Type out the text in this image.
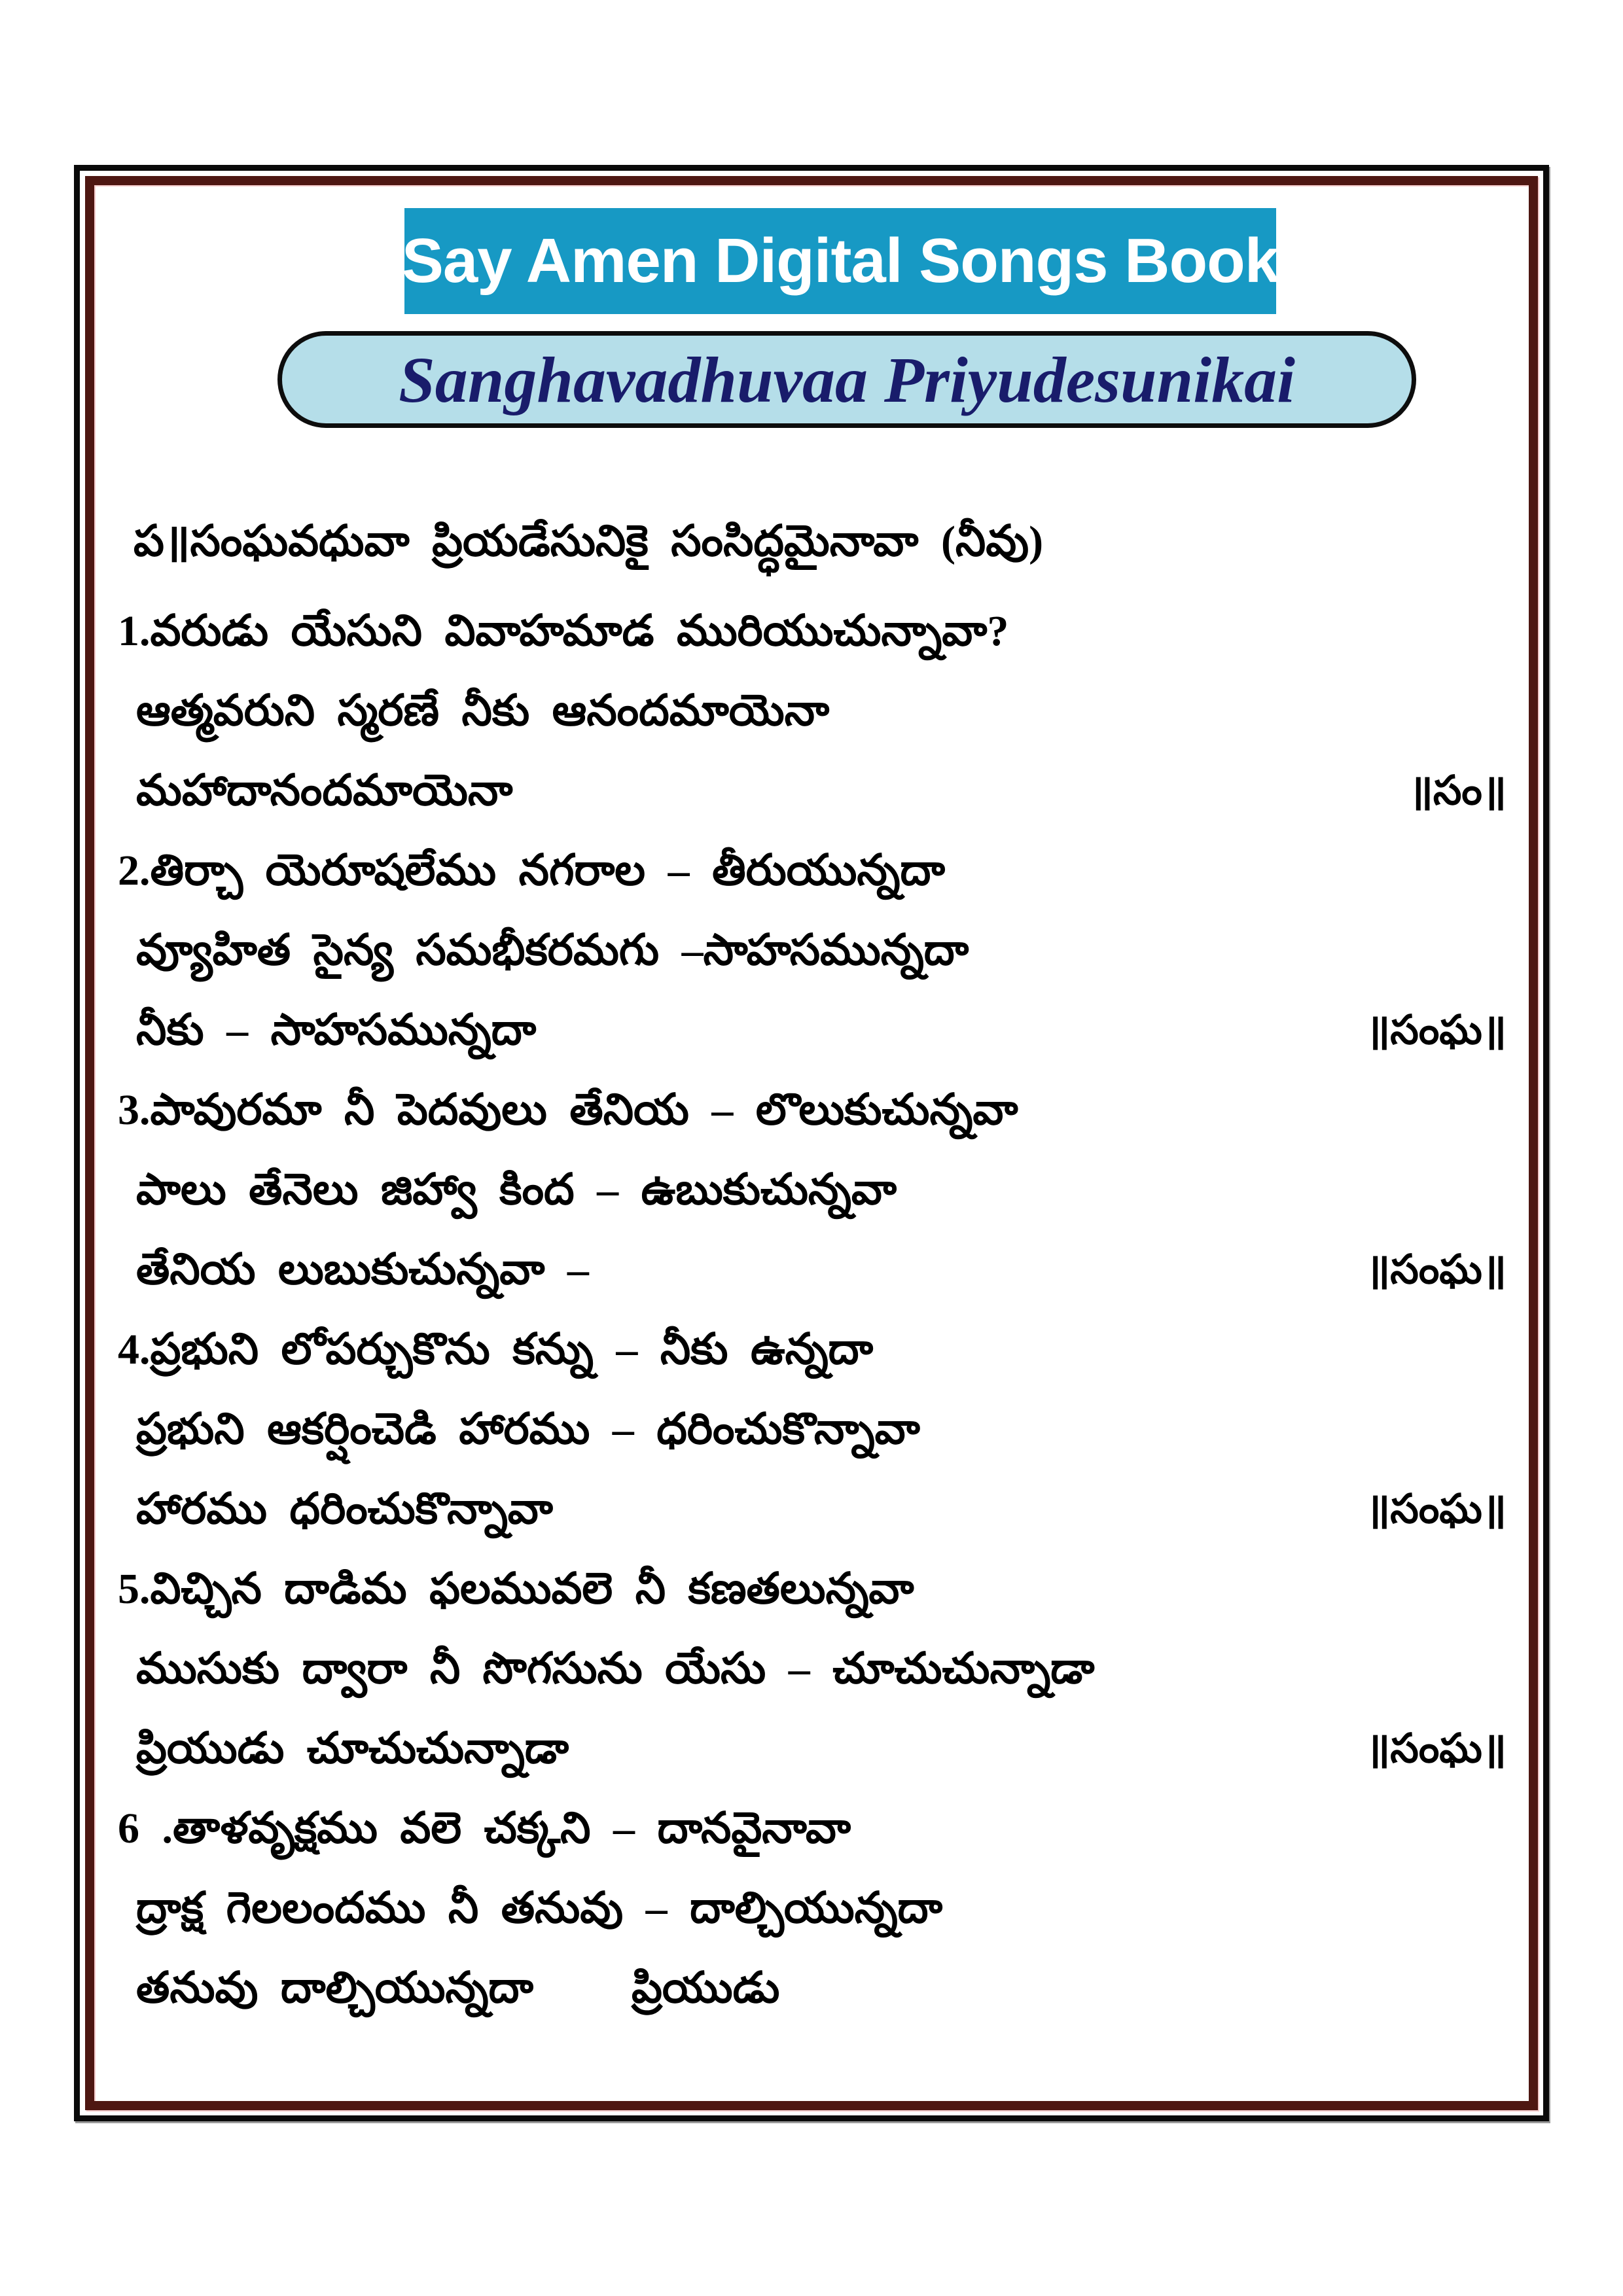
Say Amen Digital Songs Book
Sanghavadhuvaa Priyudesunikai
ప॥సంఘవధువా ప్రియడేసునికై సంసిద్ధమైనావా (నీవు)
1.వరుడు యేసుని వివాహమాడ మురియుచున్నావా?
ఆత్మవరుని స్మరణే నీకు ఆనందమాయెనా
మహాదానందమాయెనా	॥సం॥
2.తిర్చా యెరూషలేము నగరాల – తీరుయున్నదా
వ్యూహిత సైన్య సమభీకరమగు –సాహసమున్నదా
నీకు – సాహసమున్నదా	॥సంఘ॥
3.పావురమా నీ పెదవులు తేనియ – లొలుకుచున్నవా
పాలు తేనెలు జిహ్వా కింద – ఉబుకుచున్నవా
తేనియ లుబుకుచున్నవా –	॥సంఘ॥
4.ప్రభుని లోపర్చుకొను కన్ను – నీకు ఉన్నదా
ప్రభుని ఆకర్షించెడి హారము – ధరించుకొన్నావా
హారము ధరించుకొన్నావా	॥సంఘ॥
5.విచ్చిన దాడిమ ఫలమువలె నీ కణతలున్నవా
ముసుకు ద్వారా నీ సొగసును యేసు – చూచుచున్నాడా
ప్రియుడు చూచుచున్నాడా	॥సంఘ॥
6 .తాళవృక్షము వలె చక్కని – దానవైనావా
ద్రాక్ష గెలలందము నీ తనువు – దాల్చియున్నదా
తనువు దాల్చియున్నదా ప్రియుడు
